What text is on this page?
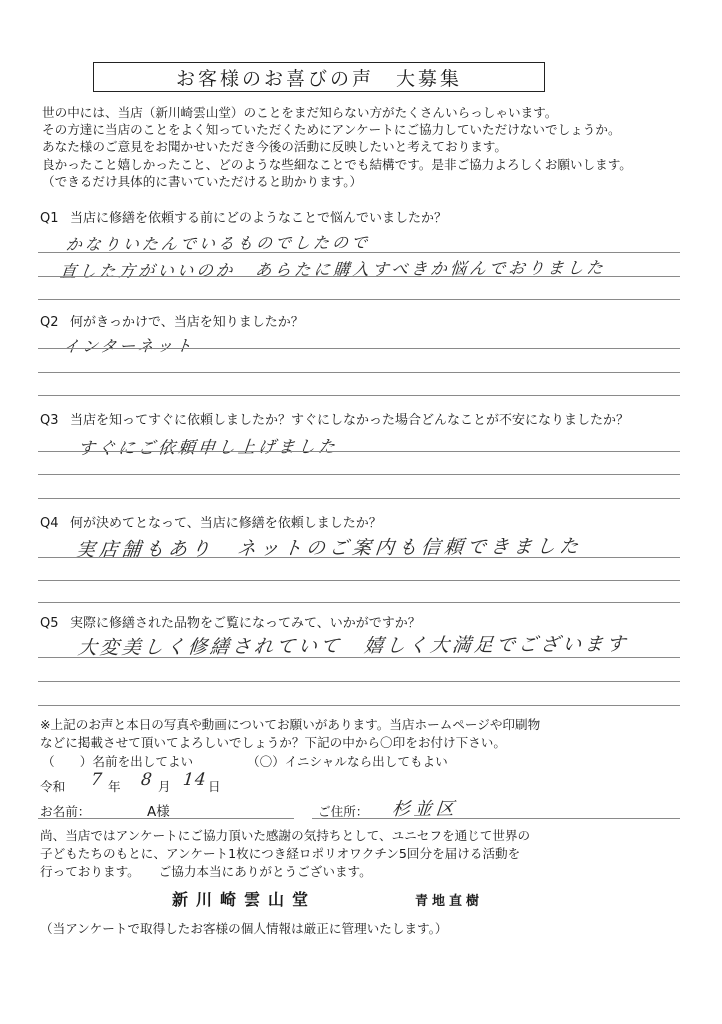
お客様のお喜びの声　大募集
世の中には、当店（新川崎雲山堂）のことをまだ知らない方がたくさんいらっしゃいます。
その方達に当店のことをよく知っていただくためにアンケートにご協力していただけないでしょうか。
あなた様のご意見をお聞かせいただき今後の活動に反映したいと考えております。
良かったこと嬉しかったこと、どのような些細なことでも結構です。是非ご協力よろしくお願いします。
（できるだけ具体的に書いていただけると助かります。）
Q1 当店に修繕を依頼する前にどのようなことで悩んでいましたか？
かなりいたんでいるものでしたので
直した方がいいのか　あらたに購入すべきか悩んでおりました
Q2 何がきっかけで、当店を知りましたか？
インターネット
Q3 当店を知ってすぐに依頼しましたか？すぐにしなかった場合どんなことが不安になりましたか？
すぐにご依頼申し上げました
Q4 何が決めてとなって、当店に修繕を依頼しましたか？
実店舗もあり　ネットのご案内も信頼できました
Q5 実際に修繕された品物をご覧になってみて、いかがですか？
大変美しく修繕されていて　嬉しく大満足でございます
※上記のお声と本日の写真や動画についてお願いがあります。当店ホームページや印刷物
などに掲載させて頂いてよろしいでしょうか？下記の中から〇印をお付け下さい。
（　　）名前を出してよい	（〇）イニシャルなら出してもよい
令和 7 年 8 月 14 日
お名前：	A様	ご住所： 杉並区
尚、当店ではアンケートにご協力頂いた感謝の気持ちとして、ユニセフを通じて世界の
子どもたちのもとに、アンケート1枚につき経ロポリオワクチン5回分を届ける活動を
行っております。　　ご協力本当にありがとうございます。
新川崎雲山堂	青地直樹
（当アンケートで取得したお客様の個人情報は厳正に管理いたします。）
